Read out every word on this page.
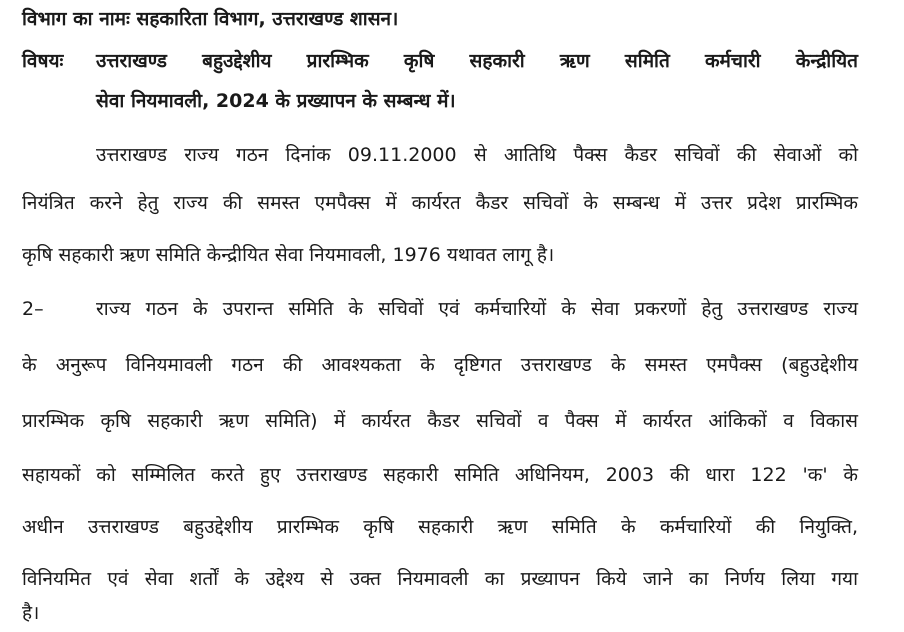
विभाग का नामः सहकारिता विभाग, उत्तराखण्ड शासन।
विषयः उत्तराखण्ड बहुउद्देशीय प्रारम्भिक कृषि सहकारी ऋण समिति कर्मचारी केन्द्रीयित
सेवा नियमावली, 2024 के प्रख्यापन के सम्बन्ध में।
उत्तराखण्ड राज्य गठन दिनांक 09.11.2000 से आतिथि पैक्स कैडर सचिवों की सेवाओं को
नियंत्रित करने हेतु राज्य की समस्त एमपैक्स में कार्यरत कैडर सचिवों के सम्बन्ध में उत्तर प्रदेश प्रारम्भिक
कृषि सहकारी ऋण समिति केन्द्रीयित सेवा नियमावली, 1976 यथावत लागू है।
2–	राज्य गठन के उपरान्त समिति के सचिवों एवं कर्मचारियों के सेवा प्रकरणों हेतु उत्तराखण्ड राज्य
के अनुरूप विनियमावली गठन की आवश्यकता के दृष्टिगत उत्तराखण्ड के समस्त एमपैक्स (बहुउद्देशीय
प्रारम्भिक कृषि सहकारी ऋण समिति) में कार्यरत कैडर सचिवों व पैक्स में कार्यरत आंकिकों व विकास
सहायकों को सम्मिलित करते हुए उत्तराखण्ड सहकारी समिति अधिनियम, 2003 की धारा 122 'क' के
अधीन उत्तराखण्ड बहुउद्देशीय प्रारम्भिक कृषि सहकारी ऋण समिति के कर्मचारियों की नियुक्ति,
विनियमित एवं सेवा शर्तों के उद्देश्य से उक्त नियमावली का प्रख्यापन किये जाने का निर्णय लिया गया
है।
